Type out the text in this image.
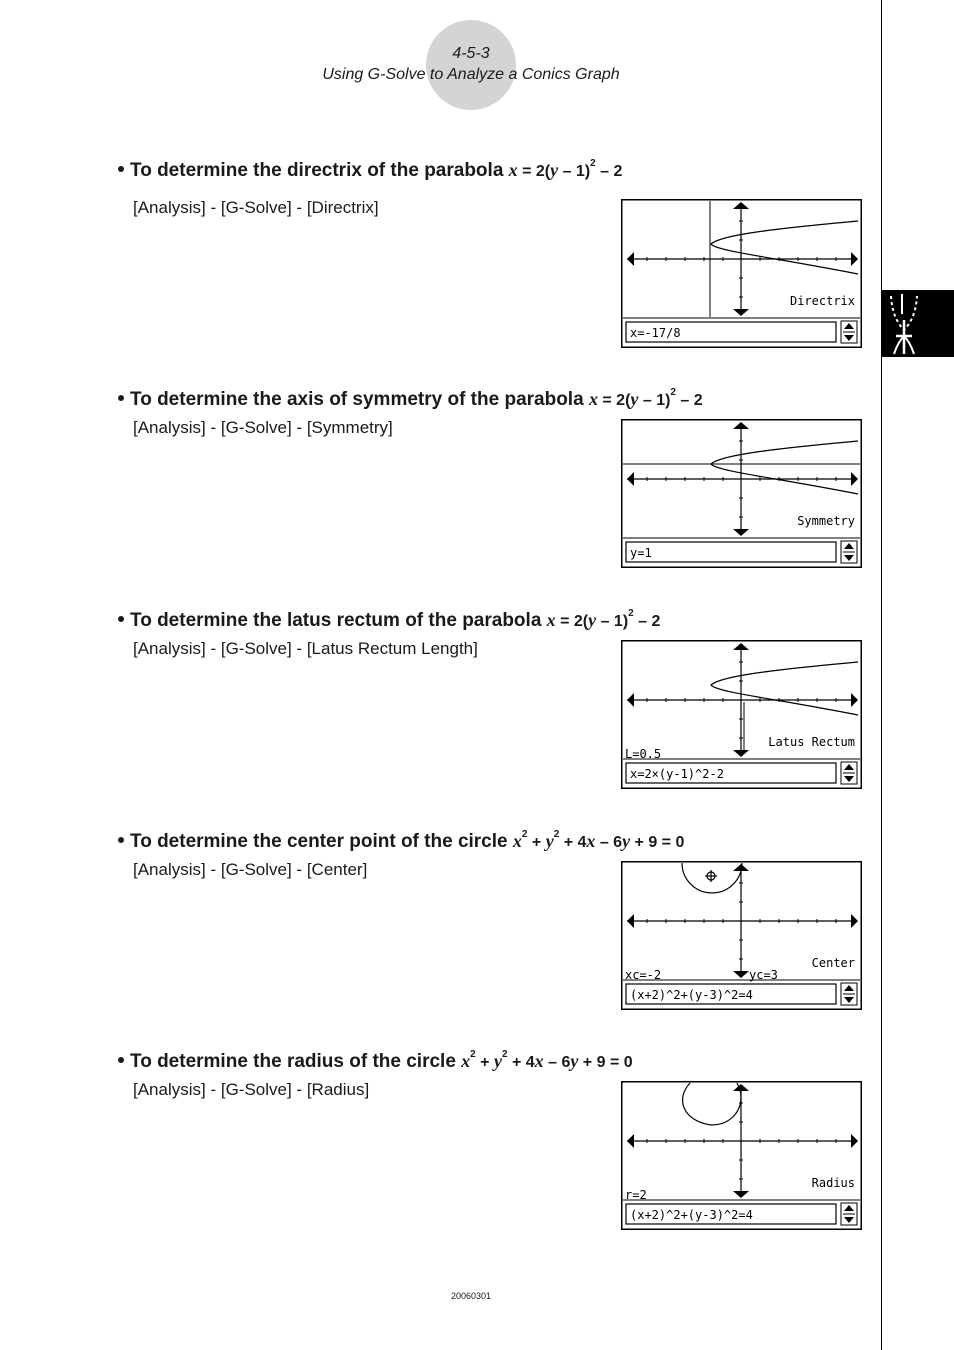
4-5-3
Using G-Solve to Analyze a Conics Graph
To determine the directrix of the parabola x = 2(y – 1)$^2$ – 2
[Analysis] - [G-Solve] - [Directrix]
Directrix
x=-17/8
To determine the axis of symmetry of the parabola x = 2(y – 1)$^2$ – 2
[Analysis] - [G-Solve] - [Symmetry]
Symmetry
y=1
To determine the latus rectum of the parabola x = 2(y – 1)$^2$ – 2
[Analysis] - [G-Solve] - [Latus Rectum Length]
Latus Rectum
L=0.5
x=2×(y-1)^2-2
To determine the center point of the circle $x^2 + y^2 + 4x - 6y + 9 = 0$
[Analysis] - [G-Solve] - [Center]
Center
xc=-2	yc=3
(x+2)^2+(y-3)^2=4
To determine the radius of the circle $x^2 + y^2 + 4x - 6y + 9 = 0$
[Analysis] - [G-Solve] - [Radius]
Radius
r=2
(x+2)^2+(y-3)^2=4
20060301
